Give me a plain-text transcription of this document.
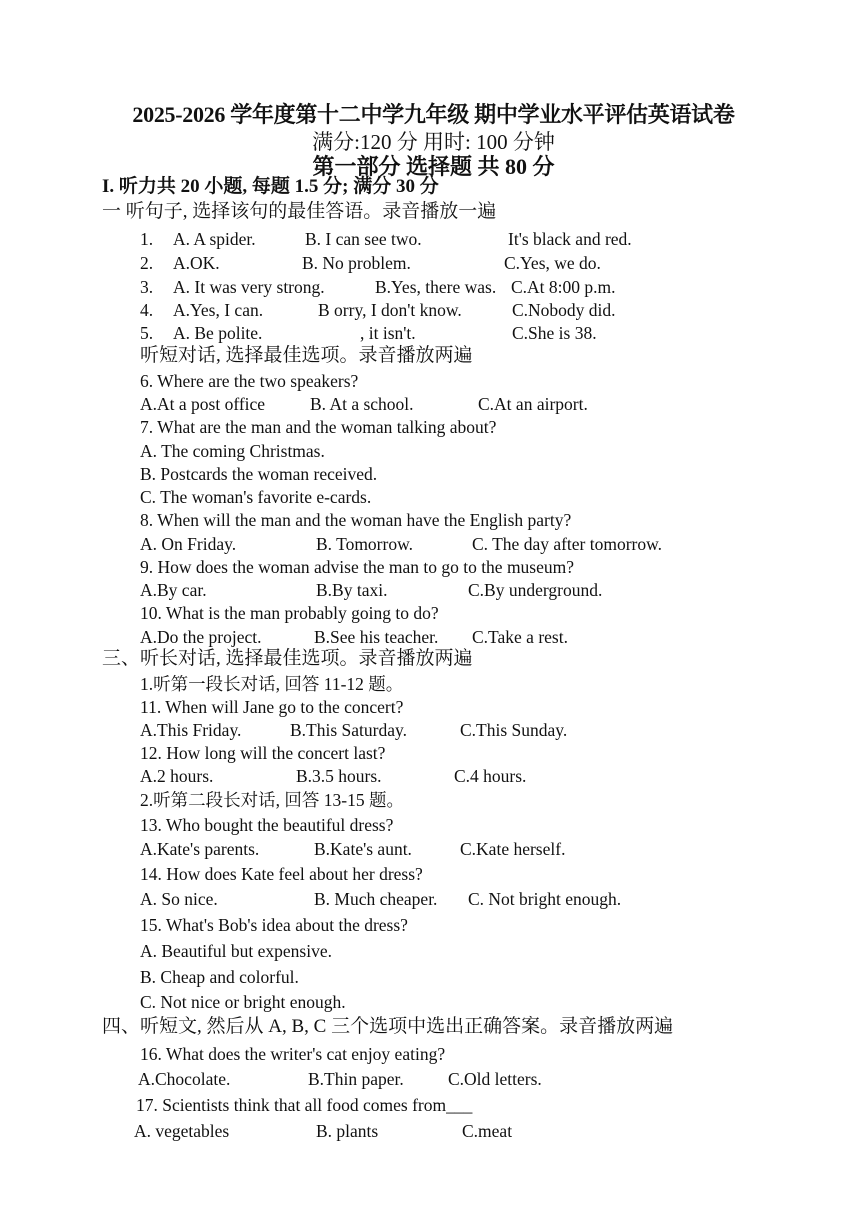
2025-2026 学年度第十二中学九年级 期中学业水平评估英语试卷
满分:120 分 用时: 100 分钟
第一部分 选择题 共 80 分
I. 听力共 20 小题, 每题 1.5 分; 满分 30 分
一 听句子, 选择该句的最佳答语。录音播放一遍
1. A. A spider.	B. I can see two.	It's black and red.
2. A.OK.	B. No problem.	C.Yes, we do.
3. A. It was very strong.	B.Yes, there was. C.At 8:00 p.m.
4. A.Yes, I can.	B orry, I don't know.	C.Nobody did.
5. A. Be polite.	, it isn't.	C.She is 38.
听短对话, 选择最佳选项。录音播放两遍
6. Where are the two speakers?
A.At a post office	B. At a school.	C.At an airport.
7. What are the man and the woman talking about?
A. The coming Christmas.
B. Postcards the woman received.
C. The woman's favorite e-cards.
8. When will the man and the woman have the English party?
A. On Friday.	B. Tomorrow.	C. The day after tomorrow.
9. How does the woman advise the man to go to the museum?
A.By car.	B.By taxi.	C.By underground.
10. What is the man probably going to do?
A.Do the project.	B.See his teacher. C.Take a rest.
三、听长对话, 选择最佳选项。录音播放两遍
1.听第一段长对话, 回答 11-12 题。
11. When will Jane go to the concert?
A.This Friday.	B.This Saturday.	C.This Sunday.
12. How long will the concert last?
A.2 hours.	B.3.5 hours.	C.4 hours.
2.听第二段长对话, 回答 13-15 题。
13. Who bought the beautiful dress?
A.Kate's parents.	B.Kate's aunt.	C.Kate herself.
14. How does Kate feel about her dress?
A. So nice.	B. Much cheaper. C. Not bright enough.
15. What's Bob's idea about the dress?
A. Beautiful but expensive.
B. Cheap and colorful.
C. Not nice or bright enough.
四、听短文, 然后从 A, B, C 三个选项中选出正确答案。录音播放两遍
16. What does the writer's cat enjoy eating?
A.Chocolate.	B.Thin paper.	C.Old letters.
17. Scientists think that all food comes from___
A. vegetables	B. plants	C.meat
